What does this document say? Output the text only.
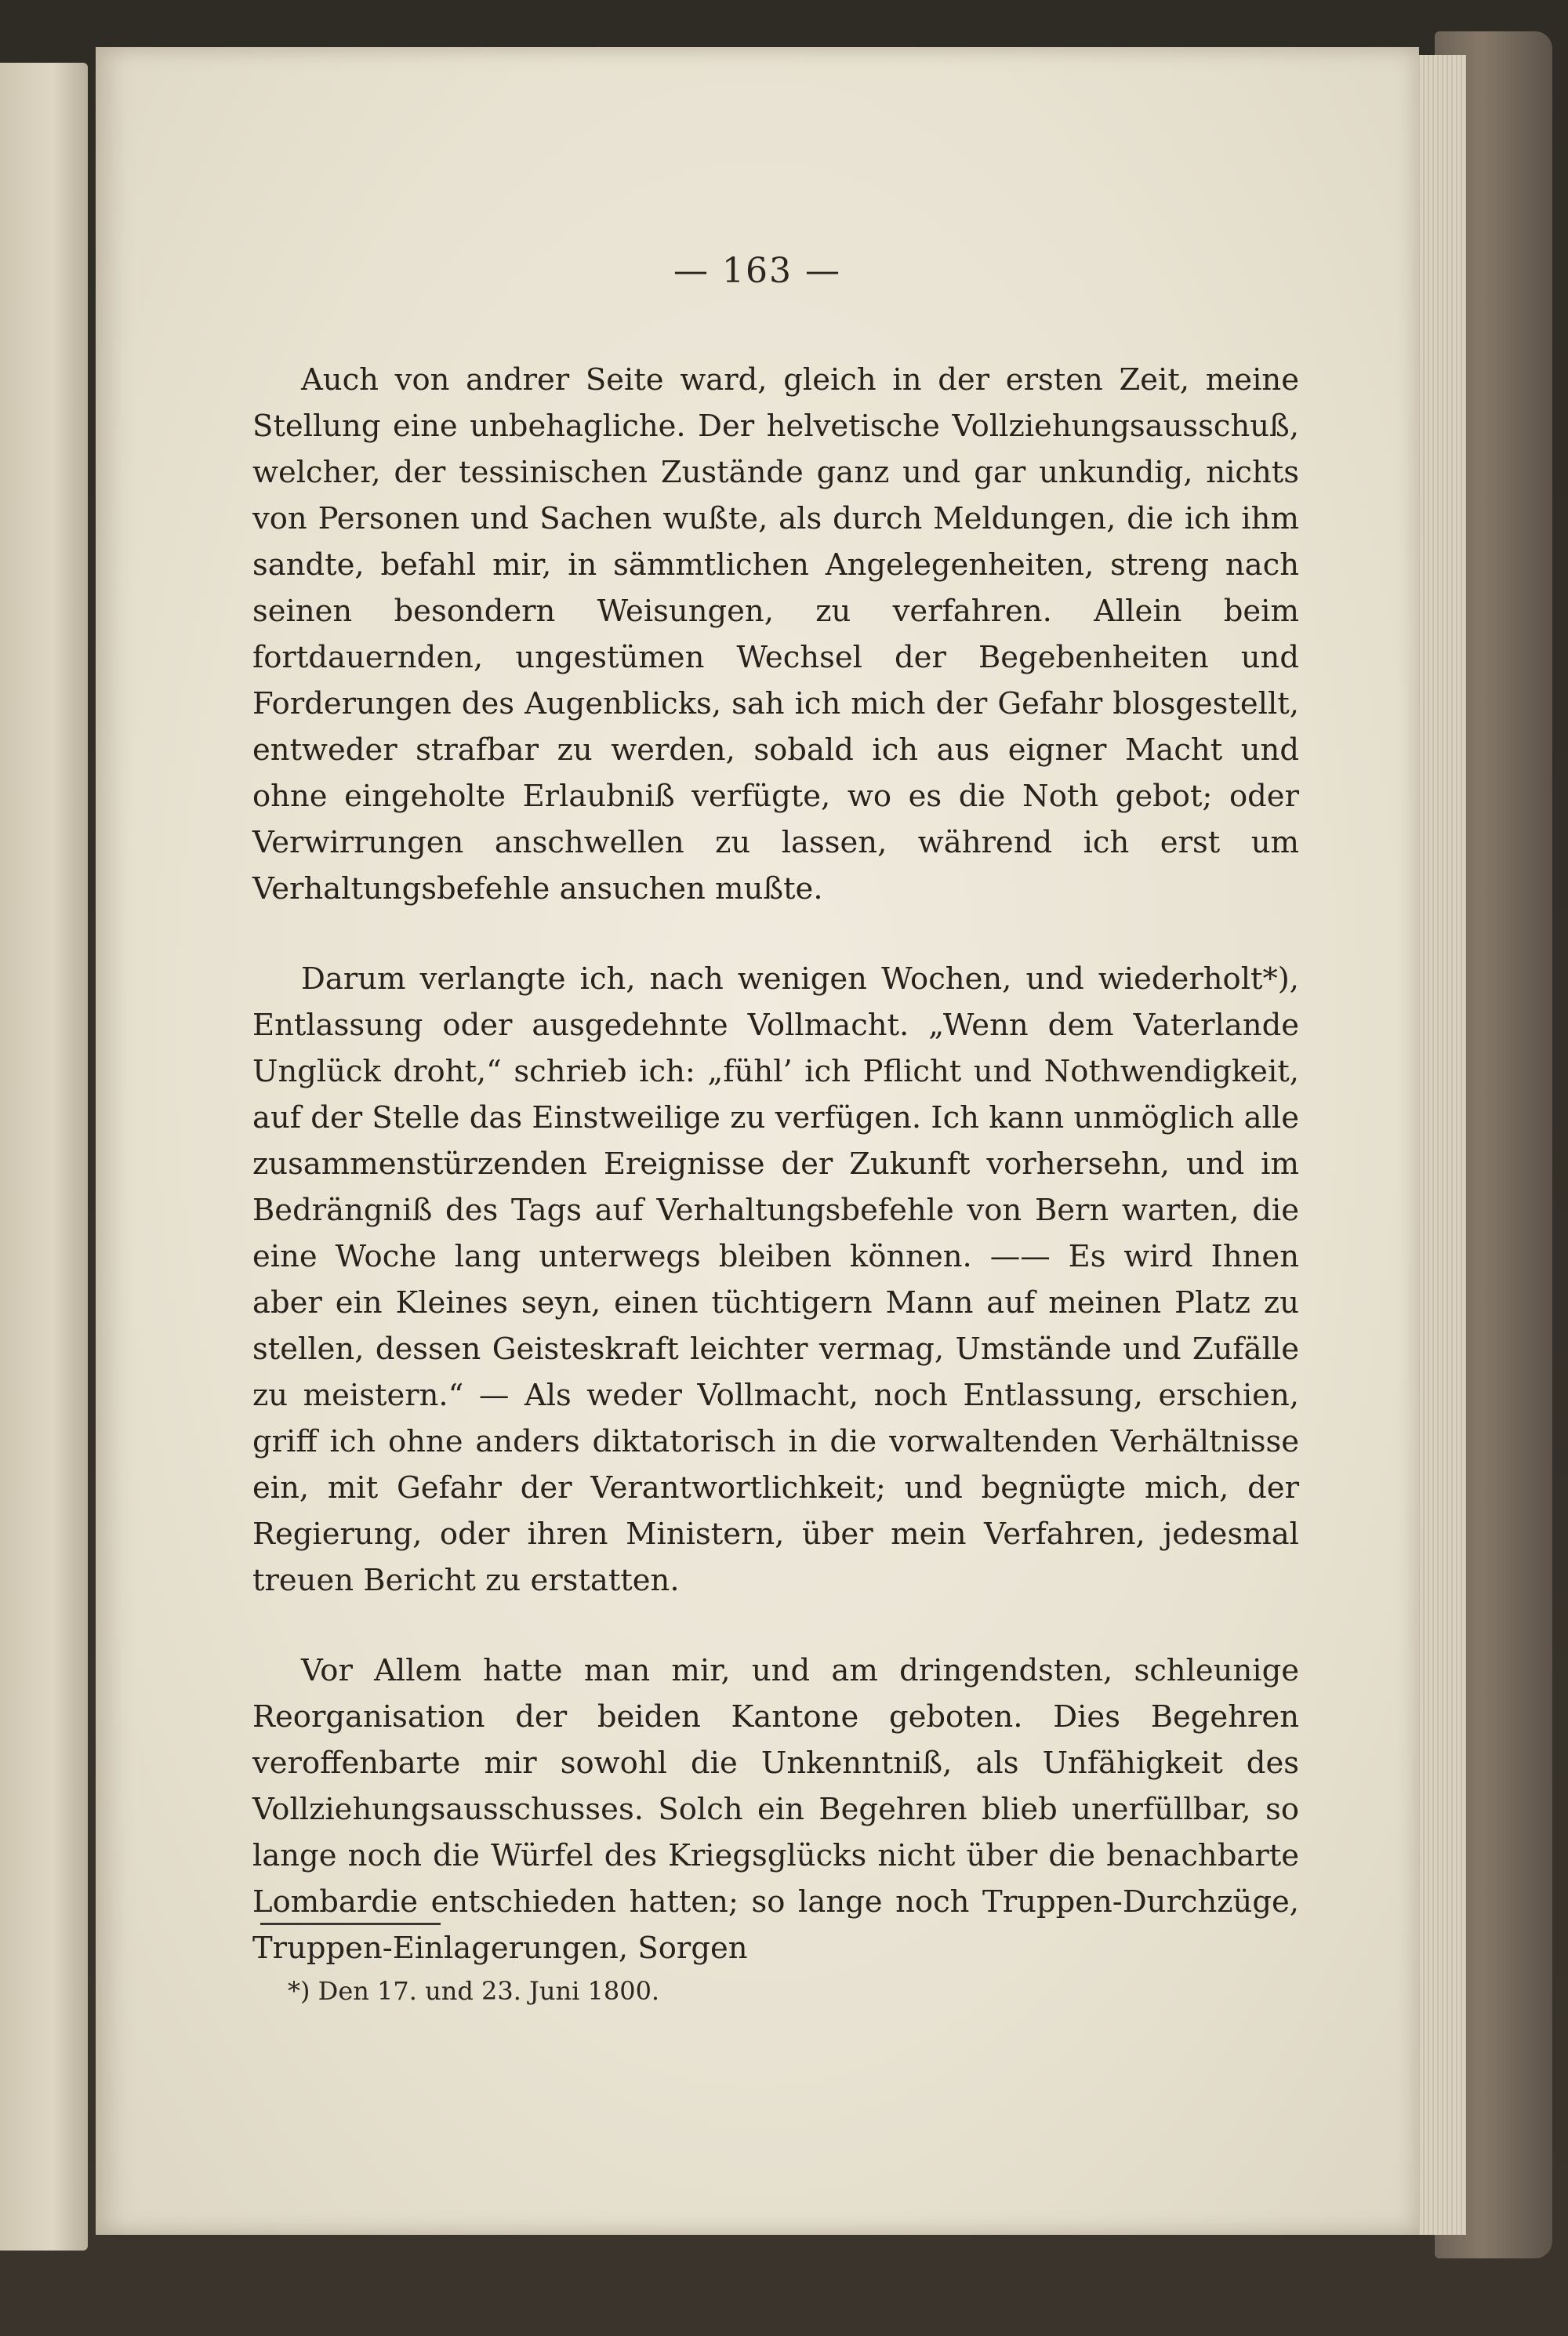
— 163 —

Auch von andrer Seite ward, gleich in der ersten Zeit, meine Stellung eine unbehagliche. Der helvetische Vollziehungsausschuß, welcher, der tessinischen Zustände ganz und gar unkundig, nichts von Personen und Sachen wußte, als durch Meldungen, die ich ihm sandte, befahl mir, in sämmtlichen Angelegenheiten, streng nach seinen besondern Weisungen, zu verfahren. Allein beim fortdauernden, ungestümen Wechsel der Begebenheiten und Forderungen des Augenblicks, sah ich mich der Gefahr blosgestellt, entweder strafbar zu werden, sobald ich aus eigner Macht und ohne eingeholte Erlaubniß verfügte, wo es die Noth gebot; oder Verwirrungen anschwellen zu lassen, während ich erst um Verhaltungsbefehle ansuchen mußte.

Darum verlangte ich, nach wenigen Wochen, und wiederholt*), Entlassung oder ausgedehnte Vollmacht. „Wenn dem Vaterlande Unglück droht,“ schrieb ich: „fühl’ ich Pflicht und Nothwendigkeit, auf der Stelle das Einstweilige zu verfügen. Ich kann unmöglich alle zusammenstürzenden Ereignisse der Zukunft vorhersehn, und im Bedrängniß des Tags auf Verhaltungsbefehle von Bern warten, die eine Woche lang unterwegs bleiben können. —— Es wird Ihnen aber ein Kleines seyn, einen tüchtigern Mann auf meinen Platz zu stellen, dessen Geisteskraft leichter vermag, Umstände und Zufälle zu meistern.“ — Als weder Vollmacht, noch Entlassung, erschien, griff ich ohne anders diktatorisch in die vorwaltenden Verhältnisse ein, mit Gefahr der Verantwortlichkeit; und begnügte mich, der Regierung, oder ihren Ministern, über mein Verfahren, jedesmal treuen Bericht zu erstatten.

Vor Allem hatte man mir, und am dringendsten, schleunige Reorganisation der beiden Kantone geboten. Dies Begehren veroffenbarte mir sowohl die Unkenntniß, als Unfähigkeit des Vollziehungsausschusses. Solch ein Begehren blieb unerfüllbar, so lange noch die Würfel des Kriegsglücks nicht über die benachbarte Lombardie entschieden hatten; so lange noch Truppen-Durchzüge, Truppen-Einlagerungen, Sorgen

*) Den 17. und 23. Juni 1800.
